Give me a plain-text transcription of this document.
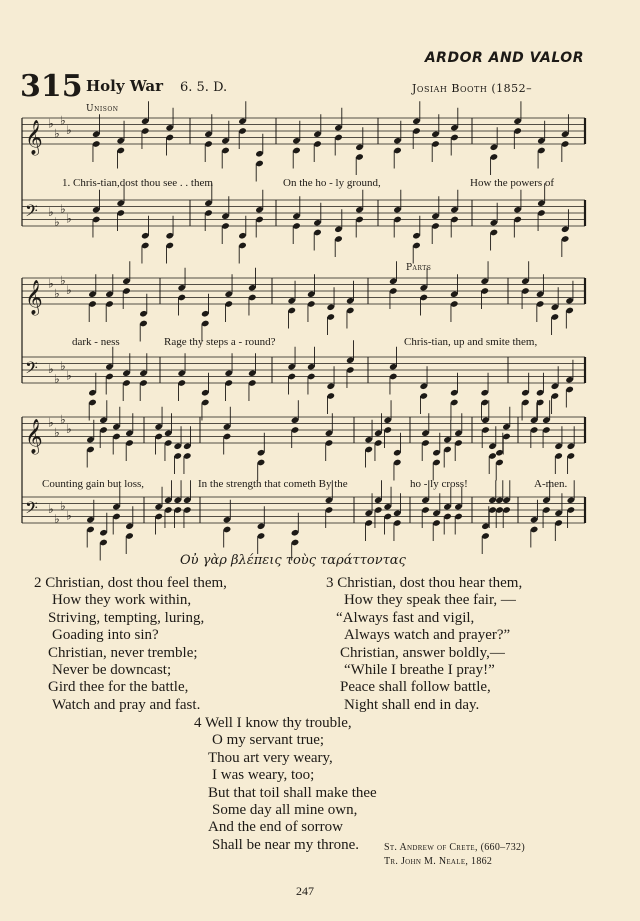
ARDOR AND VALOR
315 Holy War 6. 5. D.	Josiah Booth (1852–
Unison
Parts
𝄞 ♭
♭
♭
♭
𝄢 ♭
♭
♭
♭
𝄞 ♭
♭
♭
♭
𝄢 ♭
♭
♭
♭
𝄞 ♭
♭
♭
♭
𝄢 ♭
♭
♭
♭
1. Chris-tian,dost thou see . . them	On the ho - ly ground,	How the powers of
dark - ness	Rage thy steps a - round?	Chris-tian, up and smite them,
Counting gain but loss,	In the strength that cometh By the	ho - ly cross!	A-men.
Οὐ γὰρ βλέπεις τοὺς ταράττοντας
2 Christian, dost thou feel them,
How they work within,
Striving, tempting, luring,
Goading into sin?
Christian, never tremble;
Never be downcast;
Gird thee for the battle,
Watch and pray and fast.
3 Christian, dost thou hear them,
How they speak thee fair, —
“Always fast and vigil,
Always watch and prayer?”
Christian, answer boldly,—
“While I breathe I pray!”
Peace shall follow battle,
Night shall end in day.
4 Well I know thy trouble,
O my servant true;
Thou art very weary,
I was weary, too;
But that toil shall make thee
Some day all mine own,
And the end of sorrow
Shall be near my throne.	St. Andrew of Crete, (660–732)
Tr. John M. Neale, 1862
247
